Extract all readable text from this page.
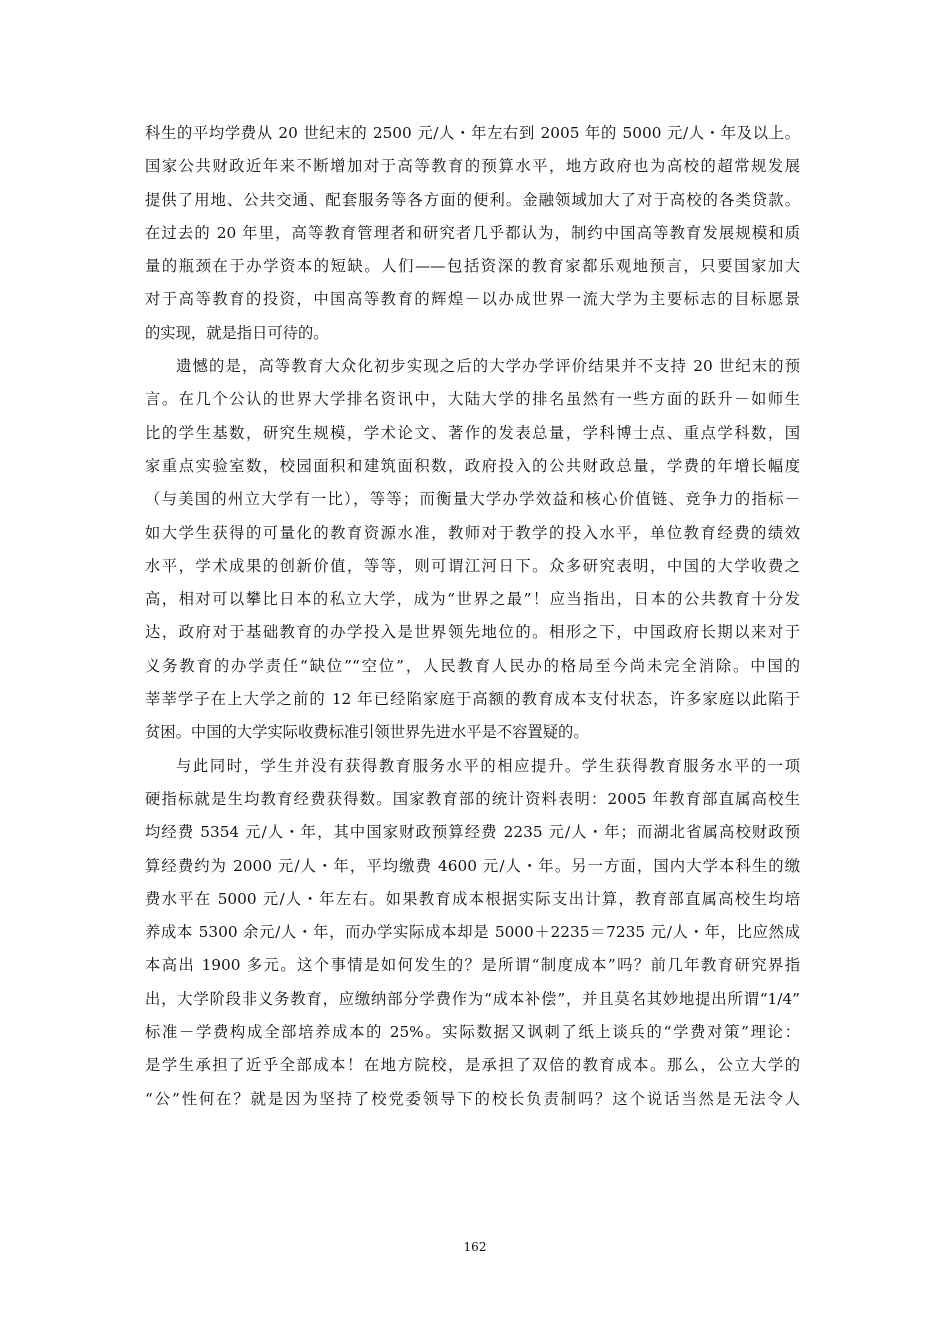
科生的平均学费从 20 世纪末的 2500 元/人・年左右到 2005 年的 5000 元/人・年及以上。
国家公共财政近年来不断增加对于高等教育的预算水平，地方政府也为高校的超常规发展
提供了用地、公共交通、配套服务等各方面的便利。金融领域加大了对于高校的各类贷款。
在过去的 20 年里，高等教育管理者和研究者几乎都认为，制约中国高等教育发展规模和质
量的瓶颈在于办学资本的短缺。人们——包括资深的教育家都乐观地预言，只要国家加大
对于高等教育的投资，中国高等教育的辉煌－以办成世界一流大学为主要标志的目标愿景
的实现，就是指日可待的。
遗憾的是，高等教育大众化初步实现之后的大学办学评价结果并不支持 20 世纪末的预
言。在几个公认的世界大学排名资讯中，大陆大学的排名虽然有一些方面的跃升－如师生
比的学生基数，研究生规模，学术论文、著作的发表总量，学科博士点、重点学科数，国
家重点实验室数，校园面积和建筑面积数，政府投入的公共财政总量，学费的年增长幅度
（与美国的州立大学有一比），等等；而衡量大学办学效益和核心价值链、竞争力的指标－
如大学生获得的可量化的教育资源水准，教师对于教学的投入水平，单位教育经费的绩效
水平，学术成果的创新价值，等等，则可谓江河日下。众多研究表明，中国的大学收费之
高，相对可以攀比日本的私立大学，成为“世界之最”！应当指出，日本的公共教育十分发
达，政府对于基础教育的办学投入是世界领先地位的。相形之下，中国政府长期以来对于
义务教育的办学责任“缺位”“空位”，人民教育人民办的格局至今尚未完全消除。中国的
莘莘学子在上大学之前的 12 年已经陷家庭于高额的教育成本支付状态，许多家庭以此陷于
贫困。中国的大学实际收费标准引领世界先进水平是不容置疑的。
与此同时，学生并没有获得教育服务水平的相应提升。学生获得教育服务水平的一项
硬指标就是生均教育经费获得数。国家教育部的统计资料表明：2005 年教育部直属高校生
均经费 5354 元/人・年，其中国家财政预算经费 2235 元/人・年；而湖北省属高校财政预
算经费约为 2000 元/人・年，平均缴费 4600 元/人・年。另一方面，国内大学本科生的缴
费水平在 5000 元/人・年左右。如果教育成本根据实际支出计算，教育部直属高校生均培
养成本 5300 余元/人・年，而办学实际成本却是 5000＋2235＝7235 元/人・年，比应然成
本高出 1900 多元。这个事情是如何发生的？是所谓“制度成本”吗？前几年教育研究界指
出，大学阶段非义务教育，应缴纳部分学费作为“成本补偿”，并且莫名其妙地提出所谓“1/4”
标准－学费构成全部培养成本的 25%。实际数据又讽刺了纸上谈兵的“学费对策”理论：
是学生承担了近乎全部成本！在地方院校，是承担了双倍的教育成本。那么，公立大学的
“公”性何在？就是因为坚持了校党委领导下的校长负责制吗？这个说话当然是无法令人
162
